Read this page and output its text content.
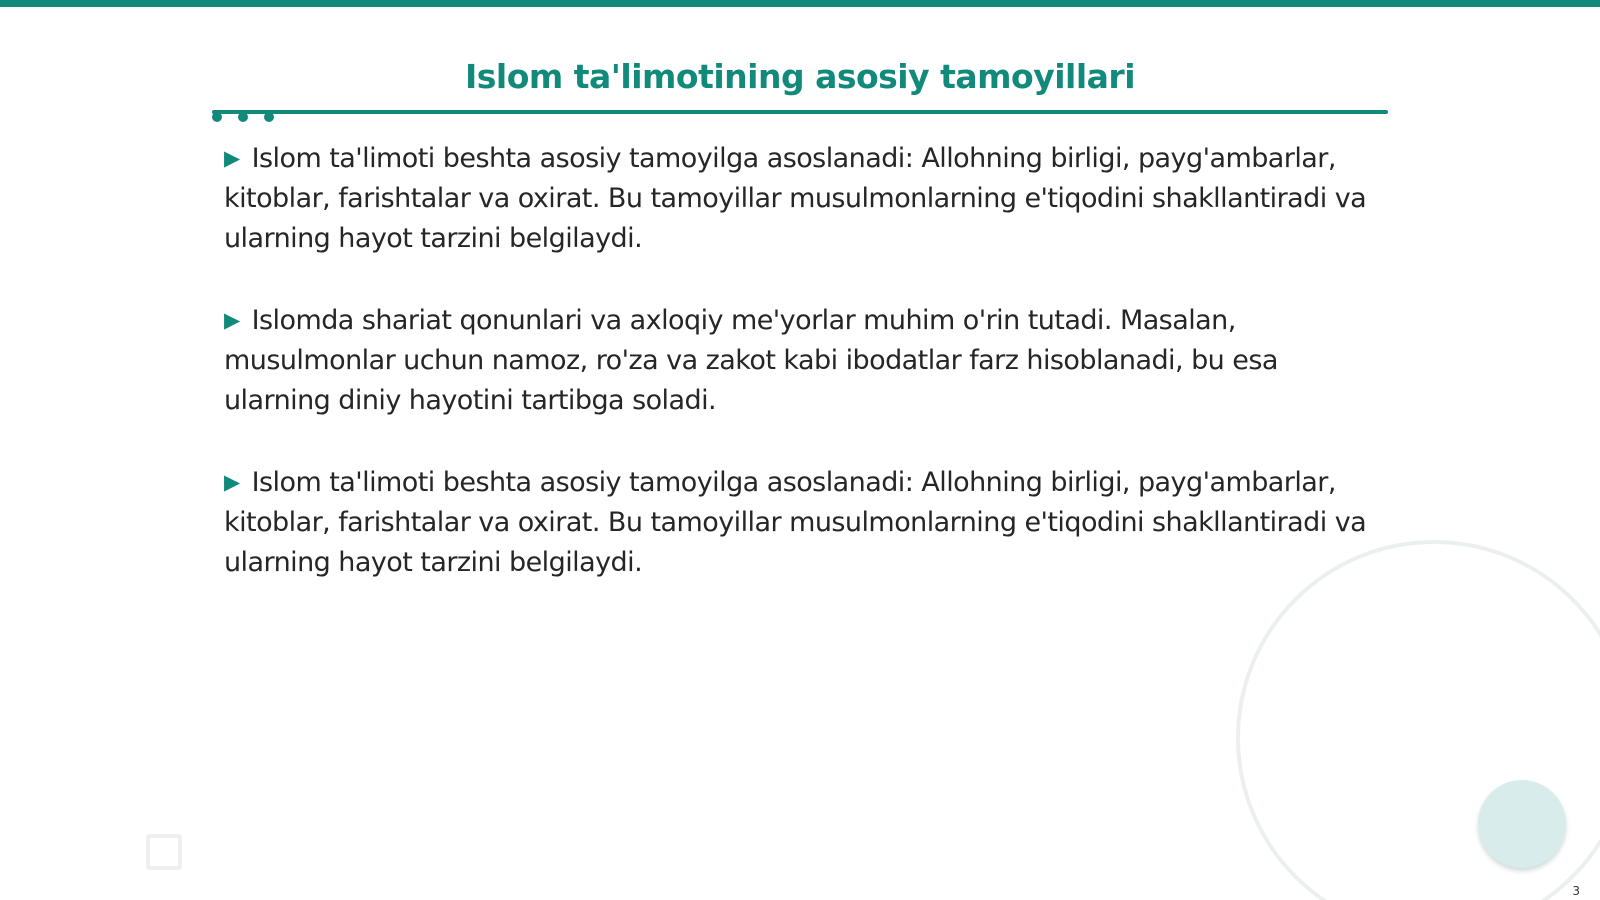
Islom ta'limotining asosiy tamoyillari

▶ Islom ta'limoti beshta asosiy tamoyilga asoslanadi: Allohning birligi, payg'ambarlar, kitoblar, farishtalar va oxirat. Bu tamoyillar musulmonlarning e'tiqodini shakllantiradi va ularning hayot tarzini belgilaydi.

▶ Islomda shariat qonunlari va axloqiy me'yorlar muhim o'rin tutadi. Masalan, musulmonlar uchun namoz, ro'za va zakot kabi ibodatlar farz hisoblanadi, bu esa ularning diniy hayotini tartibga soladi.

▶ Islom ta'limoti beshta asosiy tamoyilga asoslanadi: Allohning birligi, payg'ambarlar, kitoblar, farishtalar va oxirat. Bu tamoyillar musulmonlarning e'tiqodini shakllantiradi va ularning hayot tarzini belgilaydi.

3
